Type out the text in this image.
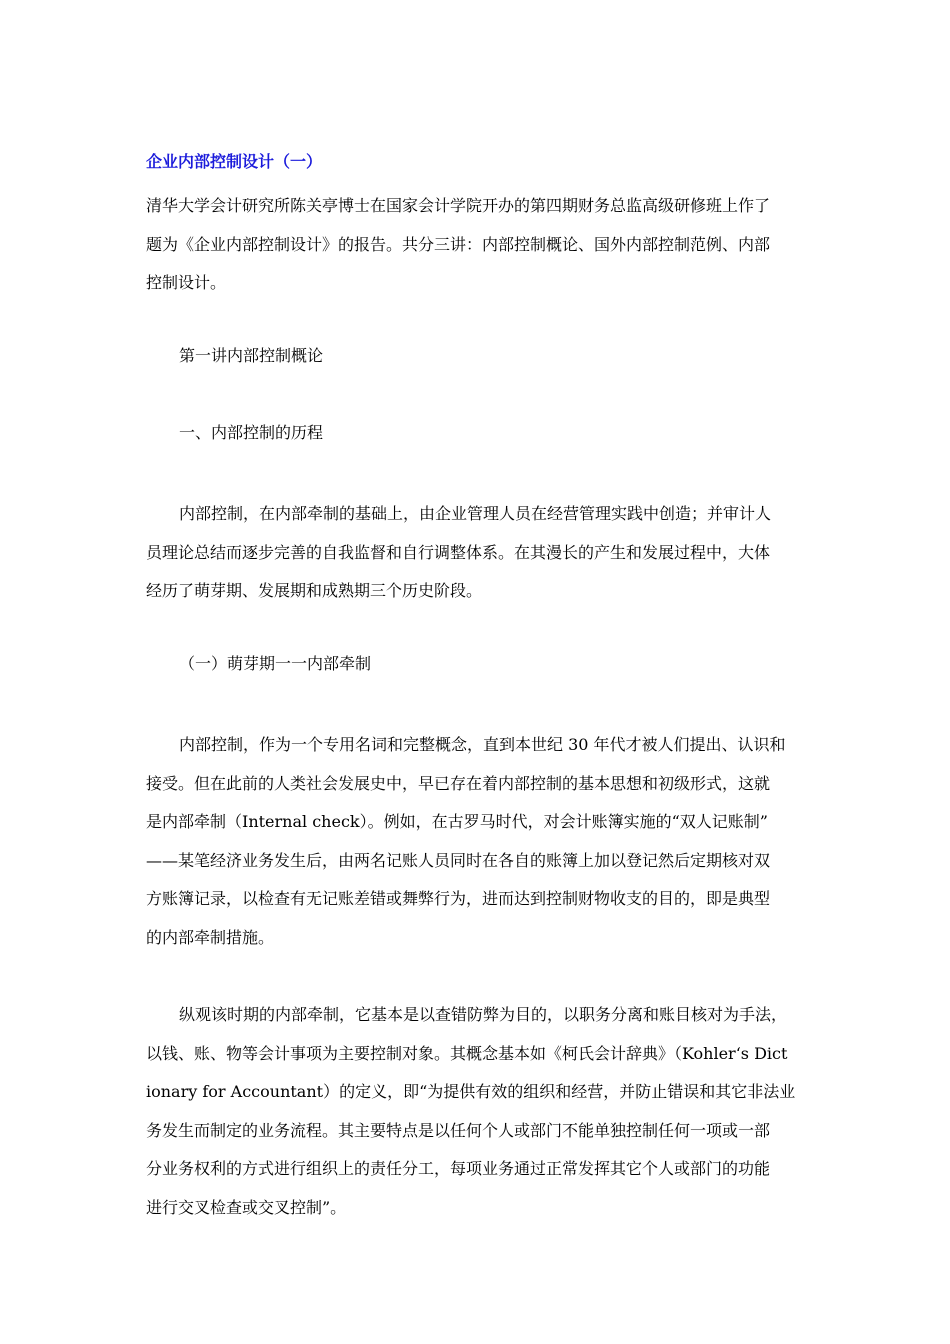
企业内部控制设计（一）
清华大学会计研究所陈关亭博士在国家会计学院开办的第四期财务总监高级研修班上作了
题为《企业内部控制设计》的报告。共分三讲：内部控制概论、国外内部控制范例、内部
控制设计。
第一讲内部控制概论
一、内部控制的历程
内部控制，在内部牵制的基础上，由企业管理人员在经营管理实践中创造；并审计人
员理论总结而逐步完善的自我监督和自行调整体系。在其漫长的产生和发展过程中，大体
经历了萌芽期、发展期和成熟期三个历史阶段。
（一）萌芽期一一内部牵制
内部控制，作为一个专用名词和完整概念，直到本世纪 30 年代才被人们提出、认识和
接受。但在此前的人类社会发展史中，早已存在着内部控制的基本思想和初级形式，这就
是内部牵制（Internal check）。例如，在古罗马时代，对会计账簿实施的“双人记账制”
——某笔经济业务发生后，由两名记账人员同时在各自的账簿上加以登记然后定期核对双
方账簿记录，以检查有无记账差错或舞弊行为，进而达到控制财物收支的目的，即是典型
的内部牵制措施。
纵观该时期的内部牵制，它基本是以查错防弊为目的，以职务分离和账目核对为手法，
以钱、账、物等会计事项为主要控制对象。其概念基本如《柯氏会计辞典》（Kohler‘s Dict
ionary for Accountant）的定义，即“为提供有效的组织和经营，并防止错误和其它非法业
务发生而制定的业务流程。其主要特点是以任何个人或部门不能单独控制任何一项或一部
分业务权利的方式进行组织上的责任分工，每项业务通过正常发挥其它个人或部门的功能
进行交叉检查或交叉控制”。
